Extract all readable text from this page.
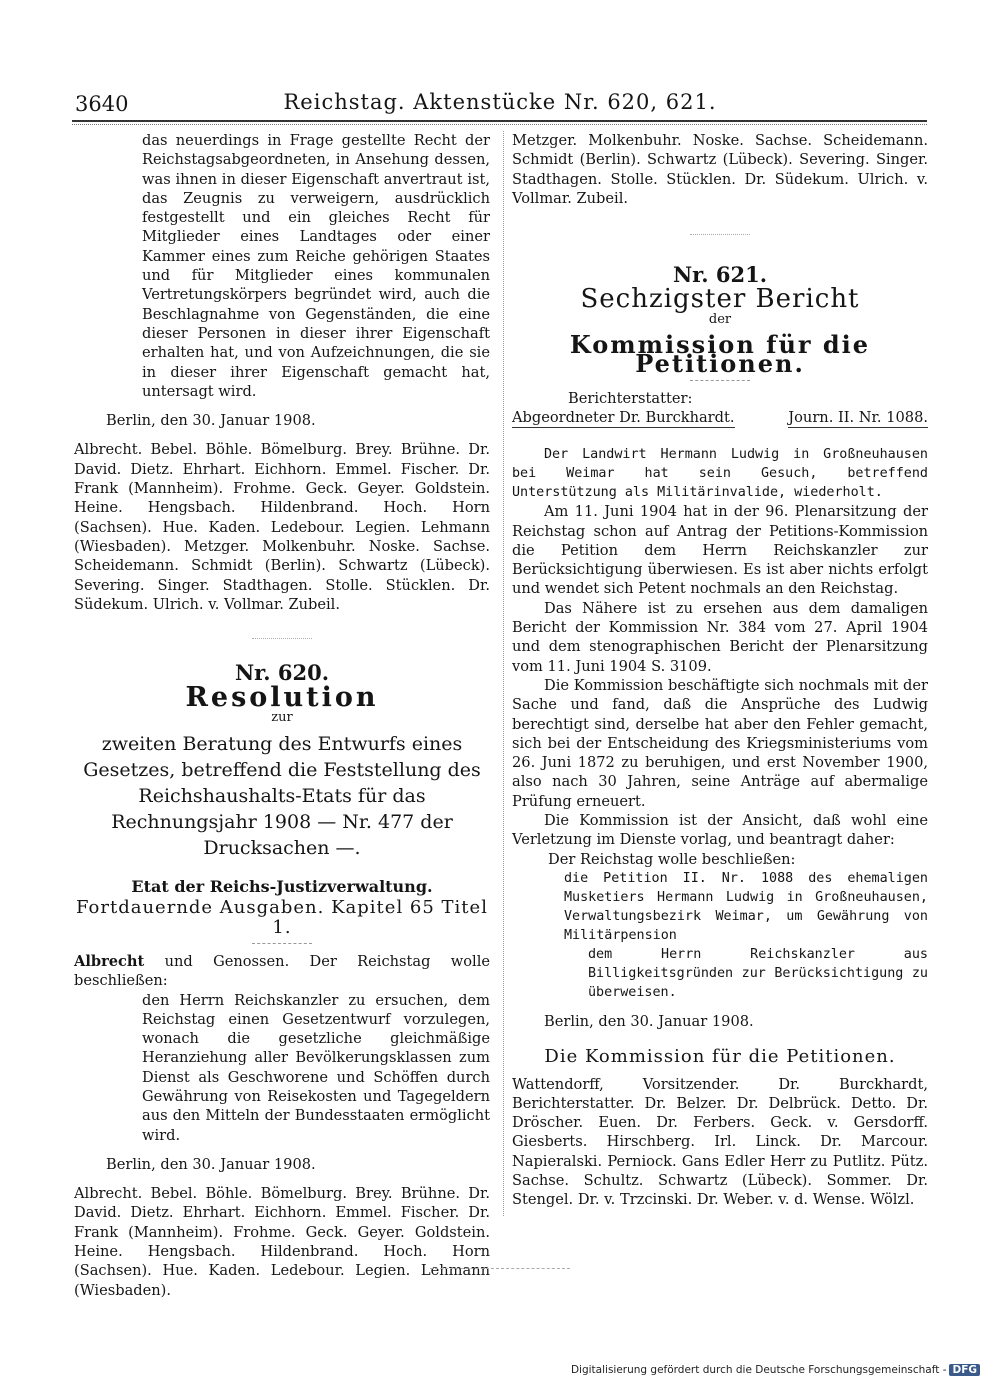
3640	Reichstag. Aktenstücke Nr. 620, 621.
das neuerdings in Frage gestellte Recht der Reichstagsabgeordneten, in Ansehung dessen, was ihnen in dieser Eigenschaft anvertraut ist, das Zeugnis zu verweigern, ausdrücklich festgestellt und ein gleiches Recht für Mitglieder eines Landtages oder einer Kammer eines zum Reiche gehörigen Staates und für Mitglieder eines kommunalen Vertretungskörpers begründet wird, auch die Beschlagnahme von Gegenständen, die eine dieser Personen in dieser ihrer Eigenschaft erhalten hat, und von Aufzeichnungen, die sie in dieser ihrer Eigenschaft gemacht hat, untersagt wird.
Berlin, den 30. Januar 1908.
Albrecht. Bebel. Böhle. Bömelburg. Brey. Brühne. Dr. David. Dietz. Ehrhart. Eichhorn. Emmel. Fischer. Dr. Frank (Mannheim). Frohme. Geck. Geyer. Goldstein. Heine. Hengsbach. Hildenbrand. Hoch. Horn (Sachsen). Hue. Kaden. Ledebour. Legien. Lehmann (Wiesbaden). Metzger. Molkenbuhr. Noske. Sachse. Scheidemann. Schmidt (Berlin). Schwartz (Lübeck). Severing. Singer. Stadthagen. Stolle. Stücklen. Dr. Südekum. Ulrich. v. Vollmar. Zubeil.
Nr. 620.
Resolution
zur
zweiten Beratung des Entwurfs eines Gesetzes, betreffend die Feststellung des Reichshaushalts-Etats für das Rechnungsjahr 1908 — Nr. 477 der Drucksachen —.
Etat der Reichs-Justizverwaltung.
Fortdauernde Ausgaben. Kapitel 65 Titel 1.
Albrecht und Genossen. Der Reichstag wolle beschließen:
den Herrn Reichskanzler zu ersuchen, dem Reichstag einen Gesetzentwurf vorzulegen, wonach die gesetzliche gleichmäßige Heranziehung aller Bevölkerungsklassen zum Dienst als Geschworene und Schöffen durch Gewährung von Reisekosten und Tagegeldern aus den Mitteln der Bundesstaaten ermöglicht wird.
Berlin, den 30. Januar 1908.
Albrecht. Bebel. Böhle. Bömelburg. Brey. Brühne. Dr. David. Dietz. Ehrhart. Eichhorn. Emmel. Fischer. Dr. Frank (Mannheim). Frohme. Geck. Geyer. Goldstein. Heine. Hengsbach. Hildenbrand. Hoch. Horn (Sachsen). Hue. Kaden. Ledebour. Legien. Lehmann (Wiesbaden).
Metzger. Molkenbuhr. Noske. Sachse. Scheidemann. Schmidt (Berlin). Schwartz (Lübeck). Severing. Singer. Stadthagen. Stolle. Stücklen. Dr. Südekum. Ulrich. v. Vollmar. Zubeil.
Nr. 621.
Sechzigster Bericht
der
Kommission für die Petitionen.
Berichterstatter:
Abgeordneter Dr. Burckhardt.	Journ. II. Nr. 1088.
Der Landwirt Hermann Ludwig in Großneuhausen bei Weimar hat sein Gesuch, betreffend Unterstützung als Militärinvalide, wiederholt.
Am 11. Juni 1904 hat in der 96. Plenarsitzung der Reichstag schon auf Antrag der Petitions-Kommission die Petition dem Herrn Reichskanzler zur Berücksichtigung überwiesen. Es ist aber nichts erfolgt und wendet sich Petent nochmals an den Reichstag.
Das Nähere ist zu ersehen aus dem damaligen Bericht der Kommission Nr. 384 vom 27. April 1904 und dem stenographischen Bericht der Plenarsitzung vom 11. Juni 1904 S. 3109.
Die Kommission beschäftigte sich nochmals mit der Sache und fand, daß die Ansprüche des Ludwig berechtigt sind, derselbe hat aber den Fehler gemacht, sich bei der Entscheidung des Kriegsministeriums vom 26. Juni 1872 zu beruhigen, und erst November 1900, also nach 30 Jahren, seine Anträge auf abermalige Prüfung erneuert.
Die Kommission ist der Ansicht, daß wohl eine Verletzung im Dienste vorlag, und beantragt daher:
Der Reichstag wolle beschließen:
die Petition II. Nr. 1088 des ehemaligen Musketiers Hermann Ludwig in Großneuhausen, Verwaltungsbezirk Weimar, um Gewährung von Militärpension
dem Herrn Reichskanzler aus Billigkeitsgründen zur Berücksichtigung zu überweisen.
Berlin, den 30. Januar 1908.
Die Kommission für die Petitionen.
Wattendorff, Vorsitzender. Dr. Burckhardt, Berichterstatter. Dr. Belzer. Dr. Delbrück. Detto. Dr. Dröscher. Euen. Dr. Ferbers. Geck. v. Gersdorff. Giesberts. Hirschberg. Irl. Linck. Dr. Marcour. Napieralski. Perniock. Gans Edler Herr zu Putlitz. Pütz. Sachse. Schultz. Schwartz (Lübeck). Sommer. Dr. Stengel. Dr. v. Trzcinski. Dr. Weber. v. d. Wense. Wölzl.
Digitalisierung gefördert durch die Deutsche Forschungsgemeinschaft - DFG
